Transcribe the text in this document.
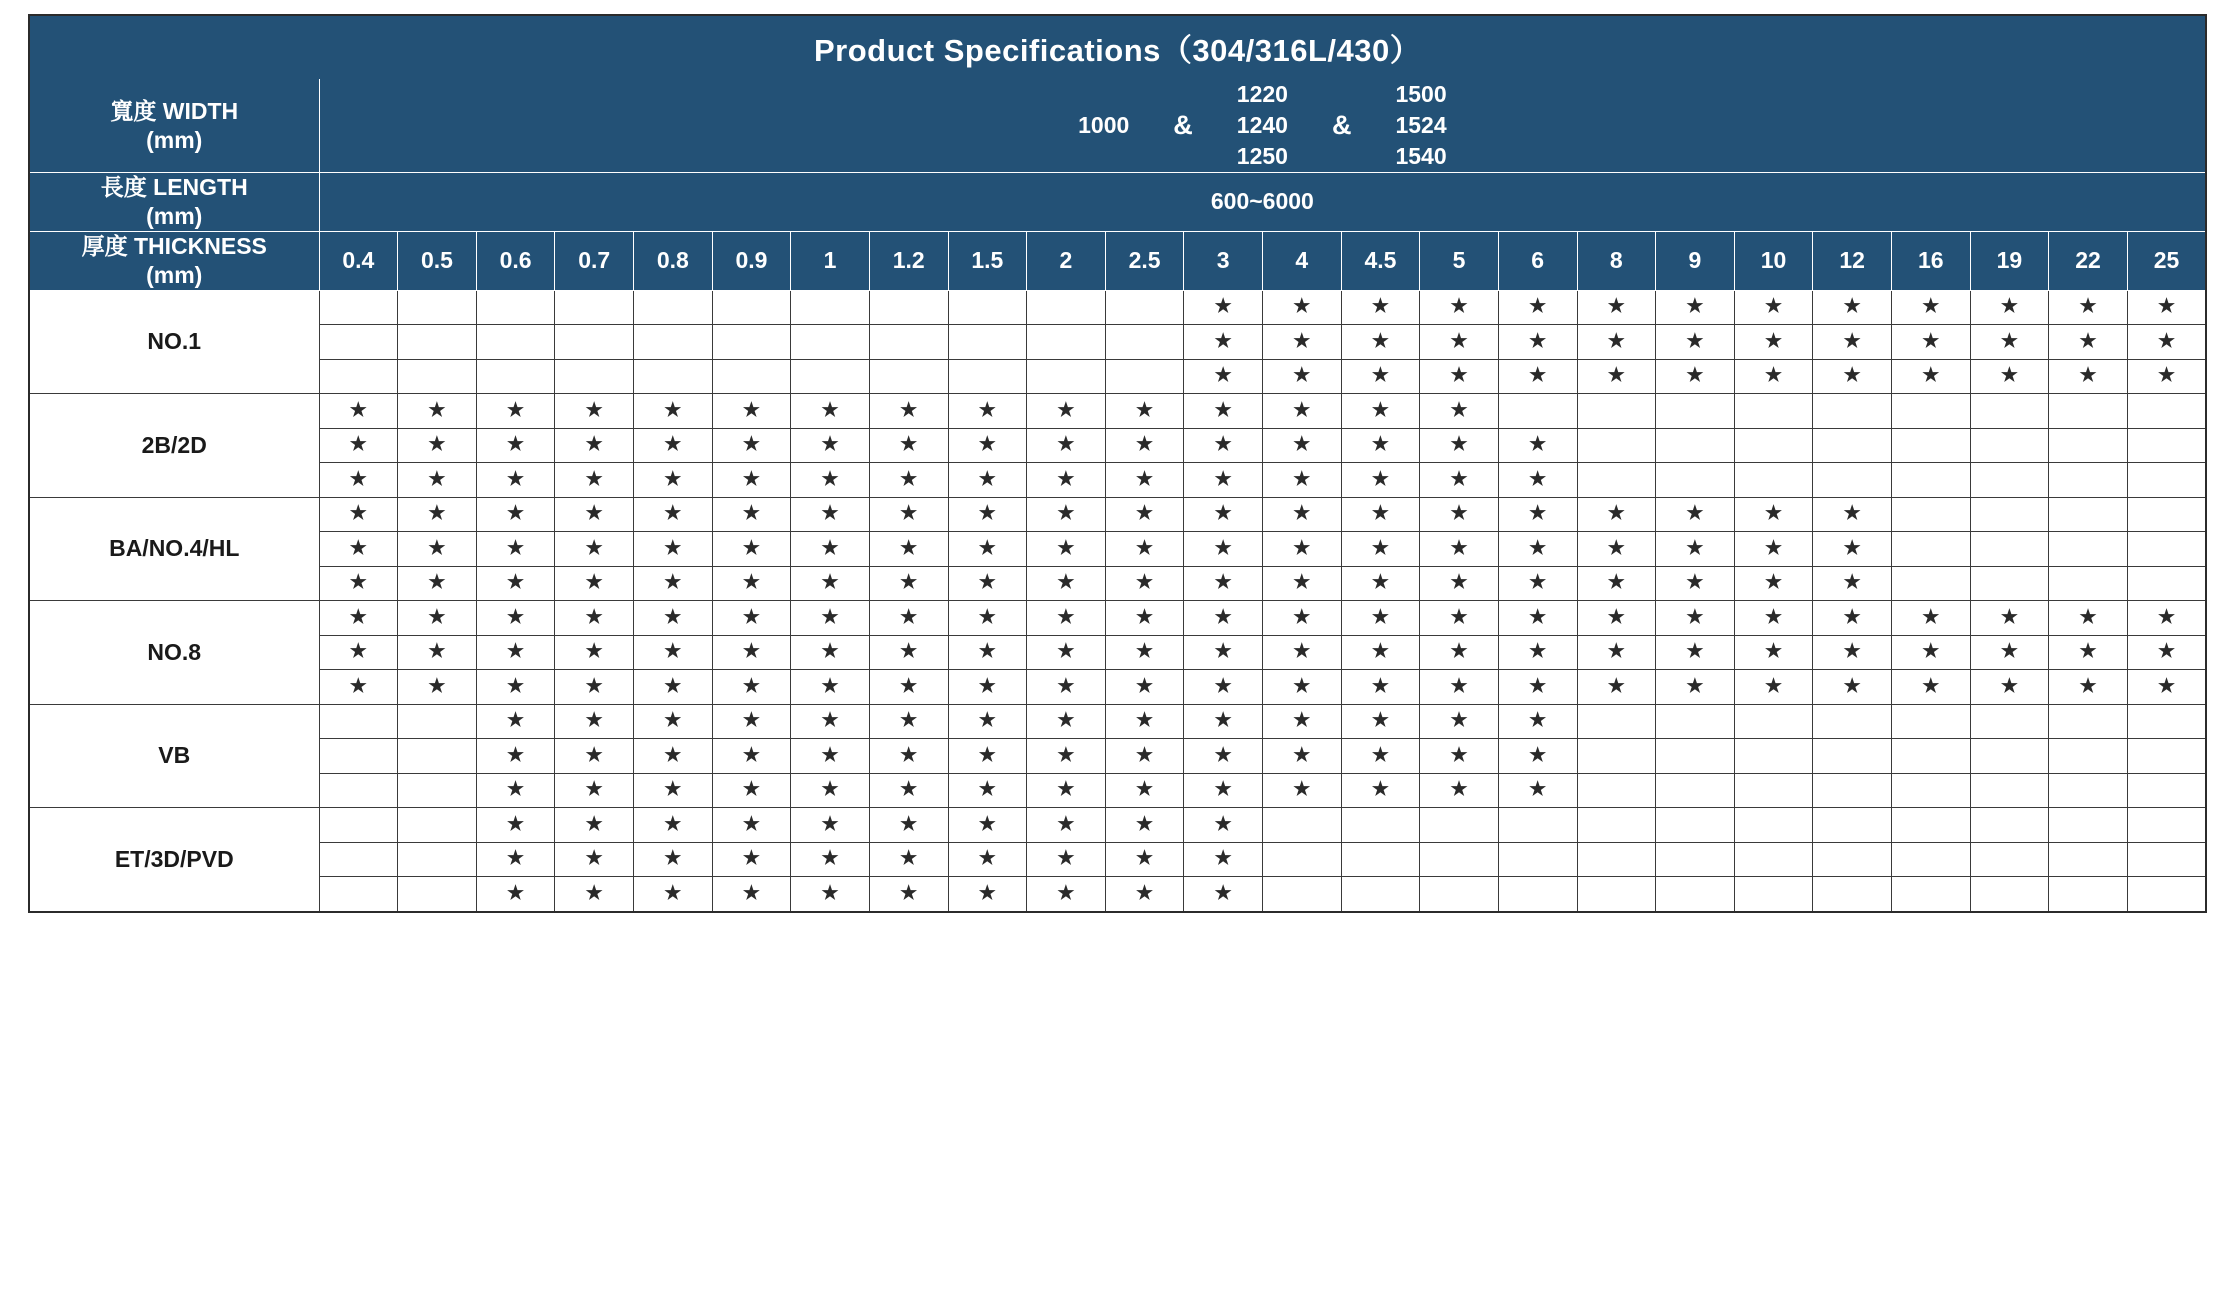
Product Specifications（304/316L/430）																								

寬度 WIDTH
(mm)

1000 &
1220
1240
1250
&
1500
1524
1540

長度 LENGTH
(mm)	600~6000																							

厚度 THICKNESS
(mm)	0.4	0.5	0.6	0.7	0.8	0.9	1	1.2	1.5	2	2.5	3	4	4.5	5	6	8	9	10	12	16	19	22	25
NO.1												★	★	★	★	★	★	★	★	★	★	★	★	★
												★	★	★	★	★	★	★	★	★	★	★	★	★
												★	★	★	★	★	★	★	★	★	★	★	★	★
2B/2D	★	★	★	★	★	★	★	★	★	★	★	★	★	★	★									
	★	★	★	★	★	★	★	★	★	★	★	★	★	★	★	★								
	★	★	★	★	★	★	★	★	★	★	★	★	★	★	★	★								
BA/NO.4/HL	★	★	★	★	★	★	★	★	★	★	★	★	★	★	★	★	★	★	★	★				
	★	★	★	★	★	★	★	★	★	★	★	★	★	★	★	★	★	★	★	★				
	★	★	★	★	★	★	★	★	★	★	★	★	★	★	★	★	★	★	★	★				
NO.8	★	★	★	★	★	★	★	★	★	★	★	★	★	★	★	★	★	★	★	★	★	★	★	★
	★	★	★	★	★	★	★	★	★	★	★	★	★	★	★	★	★	★	★	★	★	★	★	★
	★	★	★	★	★	★	★	★	★	★	★	★	★	★	★	★	★	★	★	★	★	★	★	★
VB			★	★	★	★	★	★	★	★	★	★	★	★	★	★								
			★	★	★	★	★	★	★	★	★	★	★	★	★	★								
			★	★	★	★	★	★	★	★	★	★	★	★	★	★								
ET/3D/PVD			★	★	★	★	★	★	★	★	★	★												
			★	★	★	★	★	★	★	★	★	★												
			★	★	★	★	★	★	★	★	★	★												
